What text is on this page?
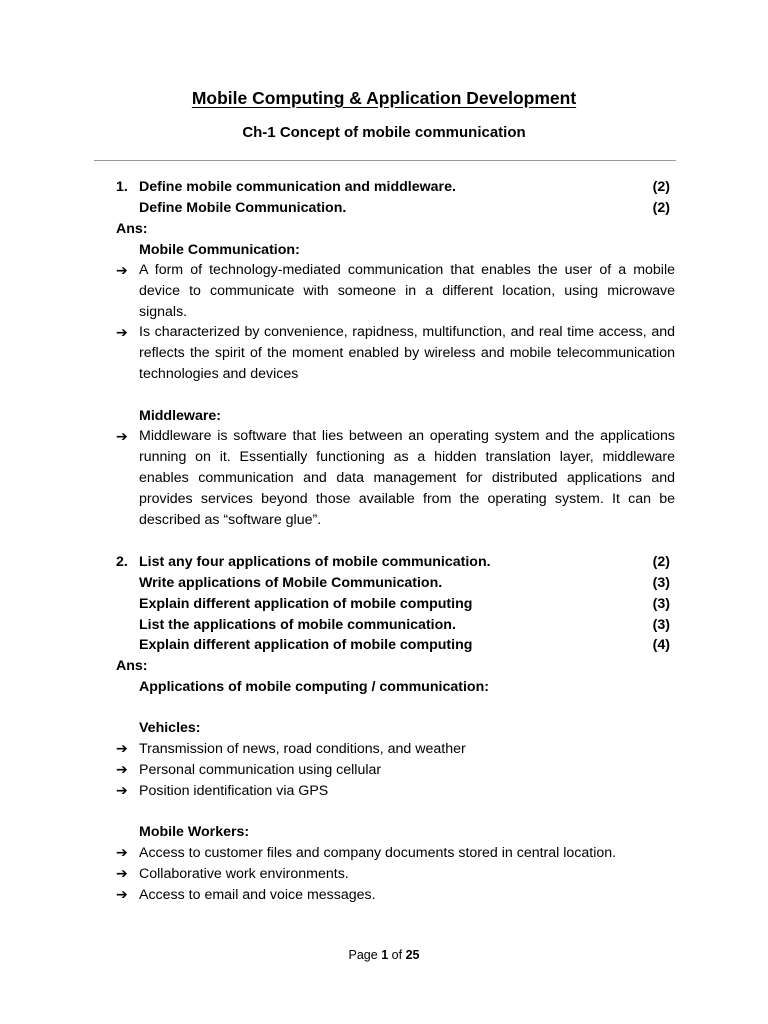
Mobile Computing & Application Development
Ch-1 Concept of mobile communication
1. Define mobile communication and middleware.	(2)
Define Mobile Communication.	(2)
Ans:
Mobile Communication:
➔ A form of technology-mediated communication that enables the user of a mobile device to communicate with someone in a different location, using microwave signals.
➔ Is characterized by convenience, rapidness, multifunction, and real time access, and reflects the spirit of the moment enabled by wireless and mobile telecommunication technologies and devices
Middleware:
➔ Middleware is software that lies between an operating system and the applications running on it. Essentially functioning as a hidden translation layer, middleware enables communication and data management for distributed applications and provides services beyond those available from the operating system. It can be described as “software glue”.
2. List any four applications of mobile communication.	(2)
Write applications of Mobile Communication.	(3)
Explain different application of mobile computing	(3)
List the applications of mobile communication.	(3)
Explain different application of mobile computing	(4)
Ans:
Applications of mobile computing / communication:
Vehicles:
➔ Transmission of news, road conditions, and weather
➔ Personal communication using cellular
➔ Position identification via GPS
Mobile Workers:
➔ Access to customer files and company documents stored in central location.
➔ Collaborative work environments.
➔ Access to email and voice messages.
Page 1 of 25
